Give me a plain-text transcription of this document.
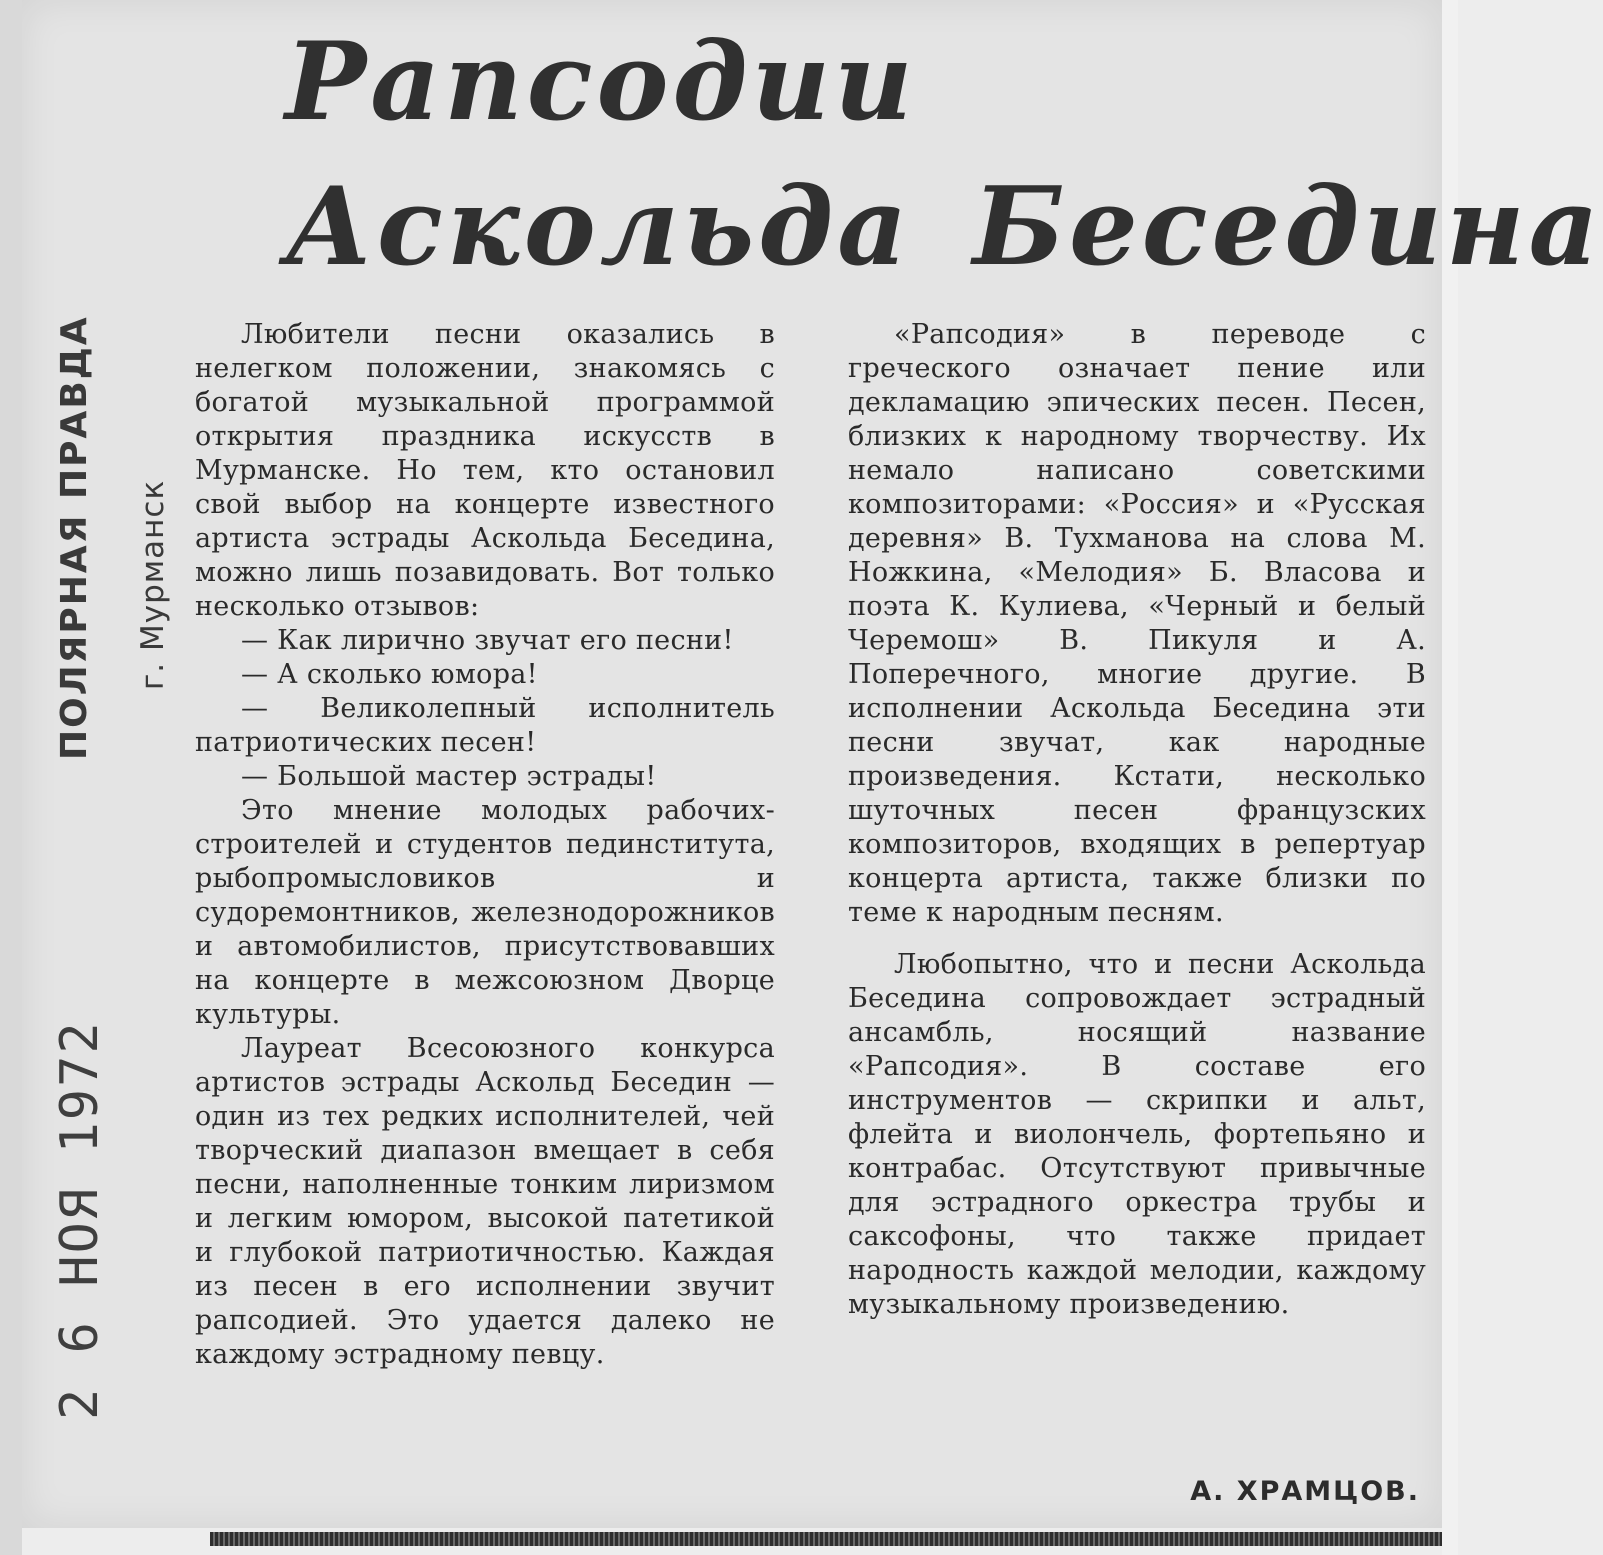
Рапсодии
Аскольда Беседина
ПОЛЯРНАЯ ПРАВДА	г. Мурманск
2 6 НОЯ 1972

Любители песни оказались в нелегком положении, знакомясь с богатой музыкальной программой открытия праздника искусств в Мурманске. Но тем, кто остановил свой выбор на концерте известного артиста эстрады Аскольда Беседина, можно лишь позавидовать. Вот только несколько отзывов:

— Как лирично звучат его песни!

— А сколько юмора!

— Великолепный исполнитель патриотических песен!

— Большой мастер эстрады!

Это мнение молодых рабочих-строителей и студентов пединститута, рыбопромысловиков и судоремонтников, железнодорожников и автомобилистов, присутствовавших на концерте в межсоюзном Дворце культуры.

Лауреат Всесоюзного конкурса артистов эстрады Аскольд Беседин — один из тех редких исполнителей, чей творческий диапазон вмещает в себя песни, наполненные тонким лиризмом и легким юмором, высокой патетикой и глубокой патриотичностью. Каждая из песен в его исполнении звучит рапсодией. Это удается далеко не каждому эстрадному певцу.

«Рапсодия» в переводе с греческого означает пение или декламацию эпических песен. Песен, близких к народному творчеству. Их немало написано советскими композиторами: «Россия» и «Русская деревня» В. Тухманова на слова М. Ножкина, «Мелодия» Б. Власова и поэта К. Кулиева, «Черный и белый Черемош» В. Пикуля и А. Поперечного, многие другие. В исполнении Аскольда Беседина эти песни звучат, как народные произведения. Кстати, несколько шуточных песен французских композиторов, входящих в репертуар концерта артиста, также близки по теме к народным песням.

Любопытно, что и песни Аскольда Беседина сопровождает эстрадный ансамбль, носящий название «Рапсодия». В составе его инструментов — скрипки и альт, флейта и виолончель, фортепьяно и контрабас. Отсутствуют привычные для эстрадного оркестра трубы и саксофоны, что также придает народность каждой мелодии, каждому музыкальному произведению.

А. ХРАМЦОВ.
